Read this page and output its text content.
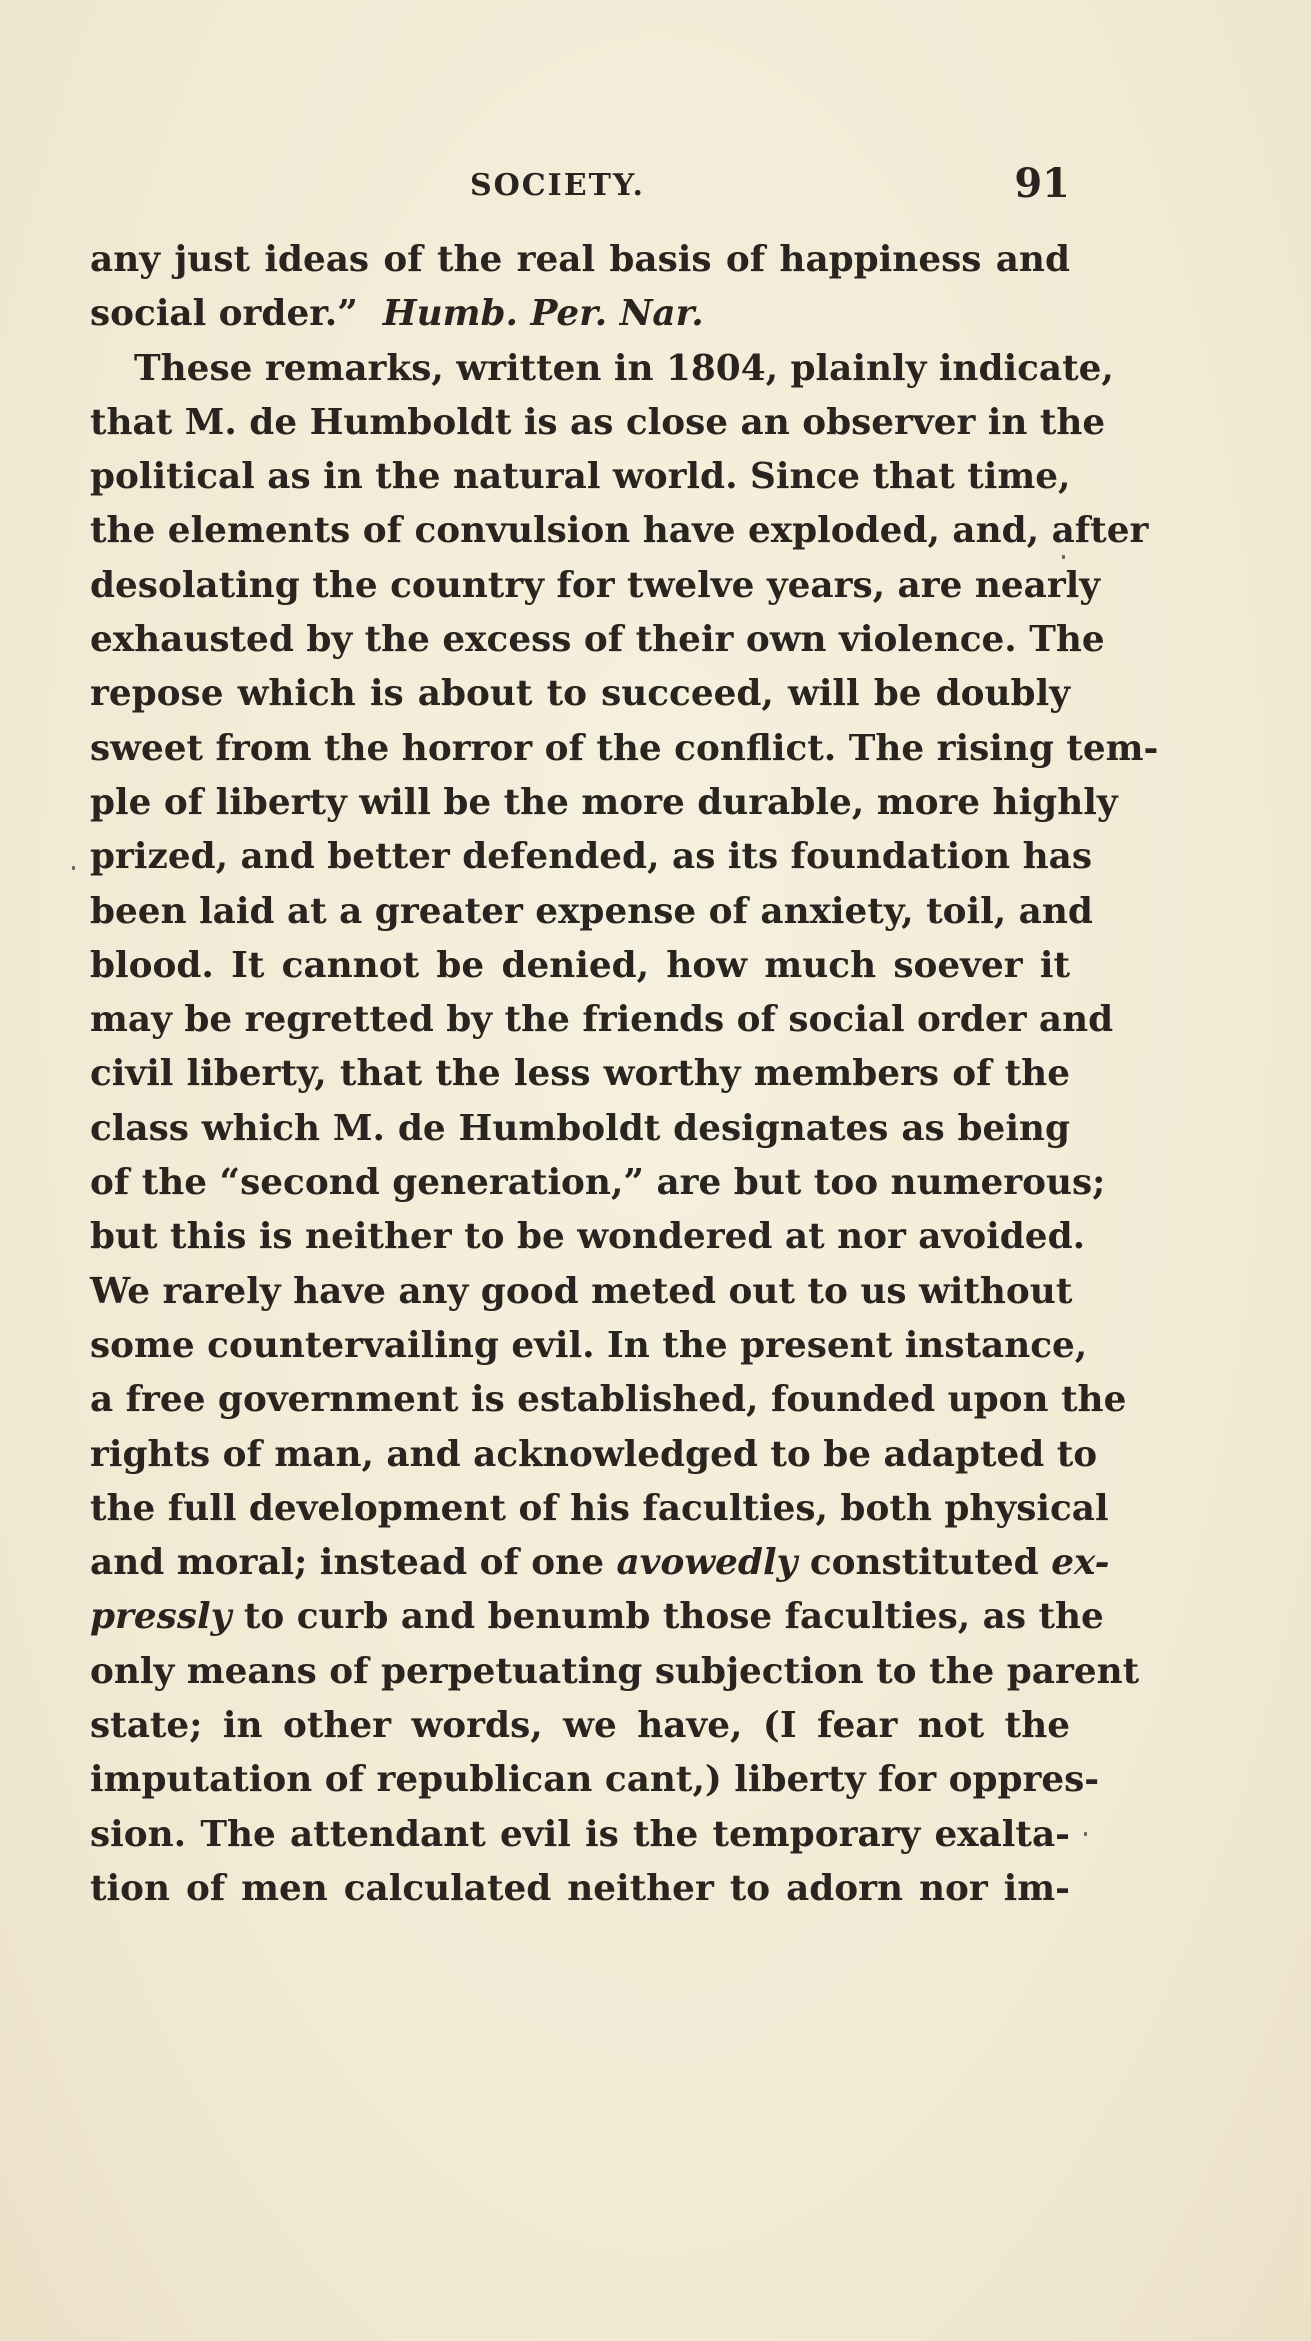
SOCIETY.	91
any just ideas of the real basis of happiness and
social order.” Humb. Per. Nar.
These remarks, written in 1804, plainly indicate,
that M. de Humboldt is as close an observer in the
political as in the natural world. Since that time,
the elements of convulsion have exploded, and, after
desolating the country for twelve years, are nearly
exhausted by the excess of their own violence. The
repose which is about to succeed, will be doubly
sweet from the horror of the conflict. The rising tem-
ple of liberty will be the more durable, more highly
prized, and better defended, as its foundation has
been laid at a greater expense of anxiety, toil, and
blood. It cannot be denied, how much soever it
may be regretted by the friends of social order and
civil liberty, that the less worthy members of the
class which M. de Humboldt designates as being
of the “second generation,” are but too numerous;
but this is neither to be wondered at nor avoided.
We rarely have any good meted out to us without
some countervailing evil. In the present instance,
a free government is established, founded upon the
rights of man, and acknowledged to be adapted to
the full development of his faculties, both physical
and moral; instead of one avowedly constituted ex-
pressly to curb and benumb those faculties, as the
only means of perpetuating subjection to the parent
state; in other words, we have, (I fear not the
imputation of republican cant,) liberty for oppres-
sion. The attendant evil is the temporary exalta-
tion of men calculated neither to adorn nor im-
